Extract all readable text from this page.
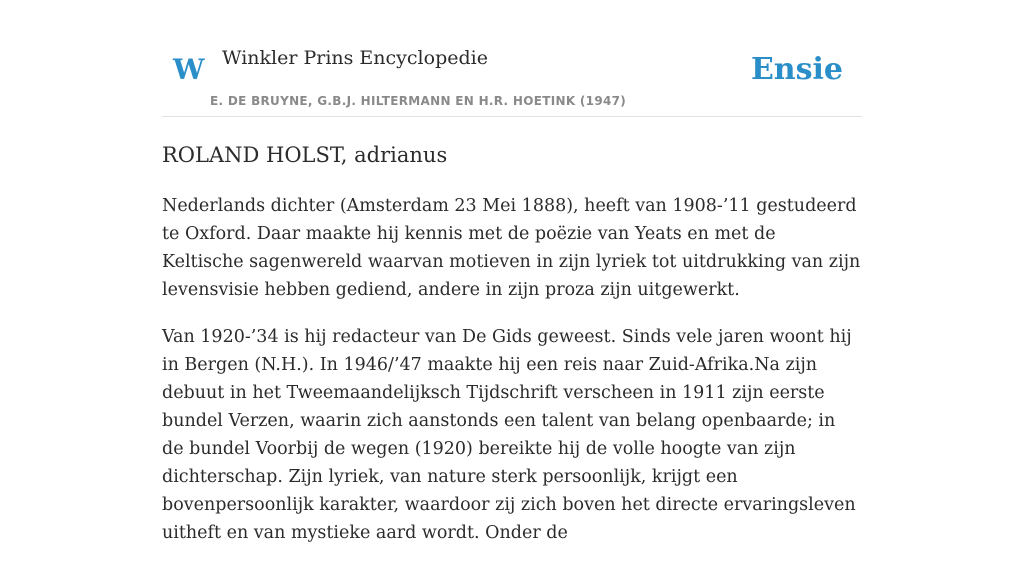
W Winkler Prins Encyclopedie
E. DE BRUYNE, G.B.J. HILTERMANN EN H.R. HOETINK (1947)
Ensie
ROLAND HOLST, adrianus

Nederlands dichter (Amsterdam 23 Mei 1888), heeft van 1908-’11 gestudeerd te Oxford. Daar maakte hij kennis met de poëzie van Yeats en met de Keltische sagenwereld waarvan motieven in zijn lyriek tot uitdrukking van zijn levensvisie hebben gediend, andere in zijn proza zijn uitgewerkt.

Van 1920-’34 is hij redacteur van De Gids geweest. Sinds vele jaren woont hij in Bergen (N.H.). In 1946/’47 maakte hij een reis naar Zuid-Afrika.Na zijn debuut in het Tweemaandelijksch Tijdschrift verscheen in 1911 zijn eerste bundel Verzen, waarin zich aanstonds een talent van belang openbaarde; in de bundel Voorbij de wegen (1920) bereikte hij de volle hoogte van zijn dichterschap. Zijn lyriek, van nature sterk persoonlijk, krijgt een bovenpersoonlijk karakter, waardoor zij zich boven het directe ervaringsleven uitheft en van mystieke aard wordt. Onder de
